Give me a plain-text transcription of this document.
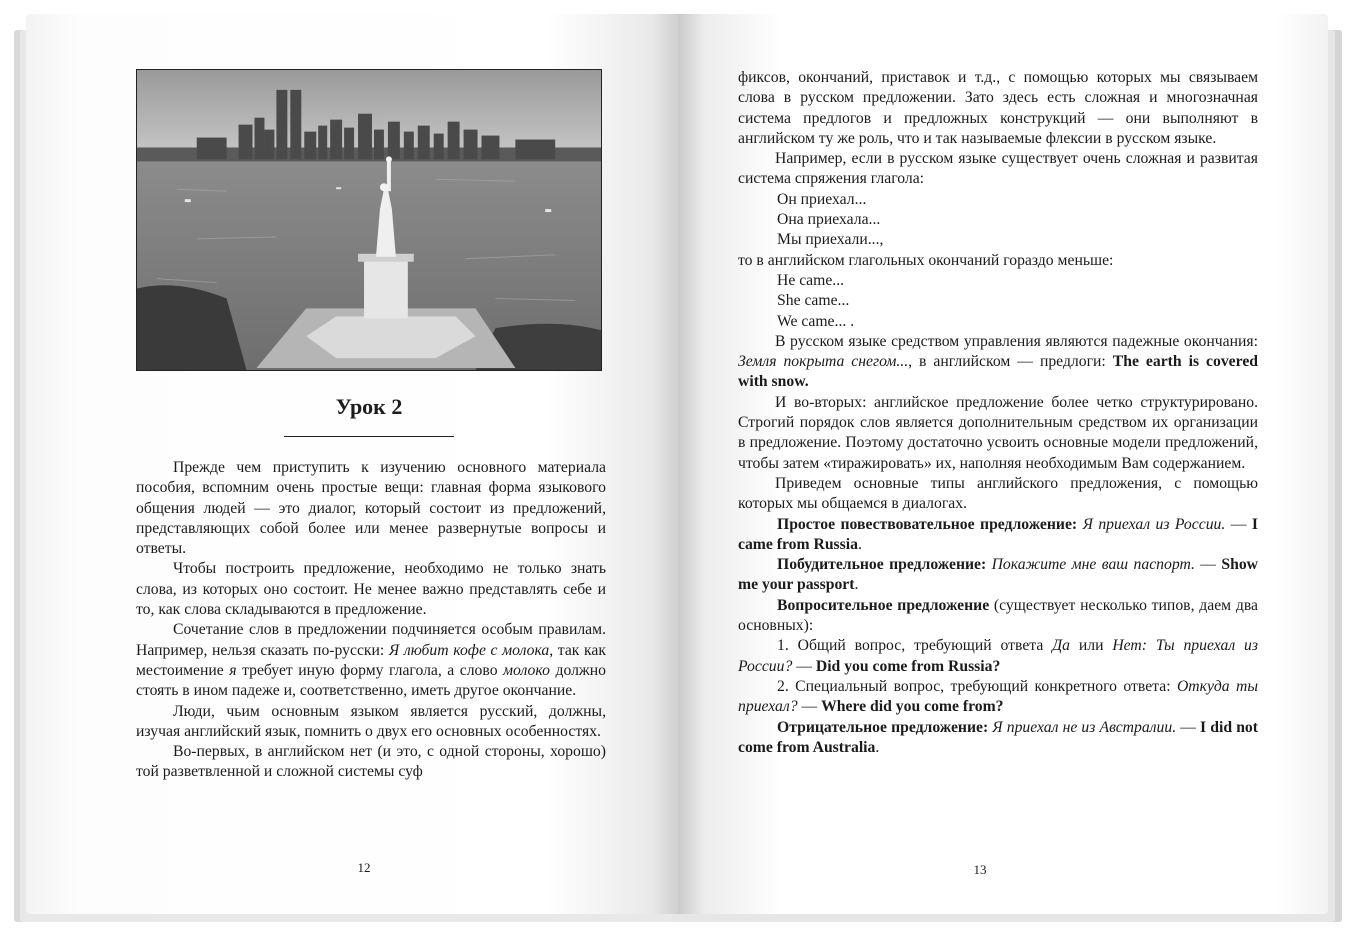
Урок 2

Прежде чем приступить к изучению основного материала пособия, вспомним очень простые вещи: главная форма языкового общения людей — это диалог, который состоит из предложений, представляющих собой более или менее развернутые вопросы и ответы.

Чтобы построить предложение, необходимо не только знать слова, из которых оно состоит. Не менее важно представлять себе и то, как слова складываются в предложение.

Сочетание слов в предложении подчиняется особым правилам. Например, нельзя сказать по-русски: Я любит кофе с молока, так как местоимение я требует иную форму глагола, а слово молоко должно стоять в ином падеже и, соответственно, иметь другое окончание.

Люди, чьим основным языком является русский, должны, изучая английский язык, помнить о двух его основных особенностях.

Во-первых, в английском нет (и это, с одной стороны, хорошо) той разветвленной и сложной системы суф

12

фиксов, окончаний, приставок и т.д., с помощью которых мы связываем слова в русском предложении. Зато здесь есть сложная и многозначная система предлогов и предложных конструкций — они выполняют в английском ту же роль, что и так называемые флексии в русском языке.

Например, если в русском языке существует очень сложная и развитая система спряжения глагола:

Он приехал...

Она приехала...

Мы приехали...,

то в английском глагольных окончаний гораздо меньше:

He came...

She came...

We came... .

В русском языке средством управления являются падежные окончания: Земля покрыта снегом..., в английском — предлоги: The earth is covered with snow.

И во-вторых: английское предложение более четко структурировано. Строгий порядок слов является дополнительным средством их организации в предложение. Поэтому достаточно усвоить основные модели предложений, чтобы затем «тиражировать» их, наполняя необходимым Вам содержанием.

Приведем основные типы английского предложения, с помощью которых мы общаемся в диалогах.

Простое повествовательное предложение: Я приехал из России. — I came from Russia.

Побудительное предложение: Покажите мне ваш паспорт. — Show me your passport.

Вопросительное предложение (существует несколько типов, даем два основных):

1. Общий вопрос, требующий ответа Да или Нет: Ты приехал из России? — Did you come from Russia?

2. Специальный вопрос, требующий конкретного ответа: Откуда ты приехал? — Where did you come from?

Отрицательное предложение: Я приехал не из Австралии. — I did not come from Australia.

13
